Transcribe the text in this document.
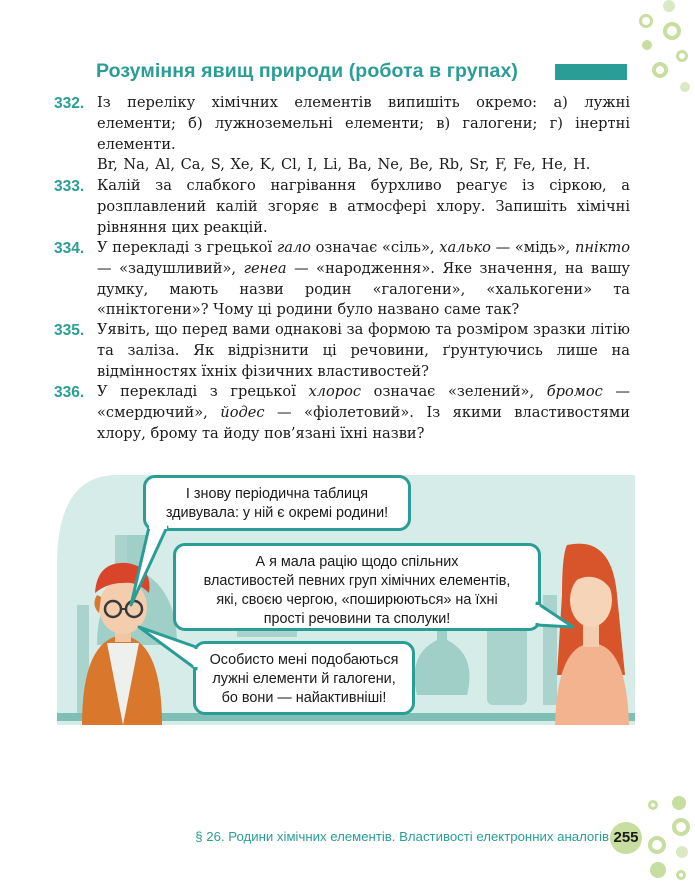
Розуміння явищ природи (робота в групах)
332. Із переліку хімічних елементів випишіть окремо: а) лужні елементи; б) лужноземельні елементи; в) галогени; г) інертні елементи.
Br, Na, Al, Ca, S, Xe, K, Cl, I, Li, Ba, Ne, Be, Rb, Sr, F, Fe, He, H.
333. Калій за слабкого нагрівання бурхливо реагує із сіркою, а розплавлений калій згоряє в атмосфері хлору. Запишіть хімічні рівняння цих реакцій.
334. У перекладі з грецької гало означає «сіль», халько — «мідь», пнікто — «задушливий», генеа — «народження». Яке значення, на вашу думку, мають назви родин «галогени», «халькогени» та «пніктогени»? Чому ці родини було названо саме так?
335. Уявіть, що перед вами однакові за формою та розміром зразки літію та заліза. Як відрізнити ці речовини, ґрунтуючись лише на відмінностях їхніх фізичних властивостей?
336. У перекладі з грецької хлорос означає «зелений», бромос — «смердючий», йодес — «фіолетовий». Із якими властивостями хлору, брому та йоду пов’язані їхні назви?
І знову періодична таблиця
здивувала: у ній є окремі родини!
А я мала рацію щодо спільних
властивостей певних груп хімічних елементів,
які, своєю чергою, «поширюються» на їхні
прості речовини та сполуки!
Особисто мені подобаються
лужні елементи й галогени,
бо вони — найактивніші!
§ 26. Родини хімічних елементів. Властивості електронних аналогів 255
